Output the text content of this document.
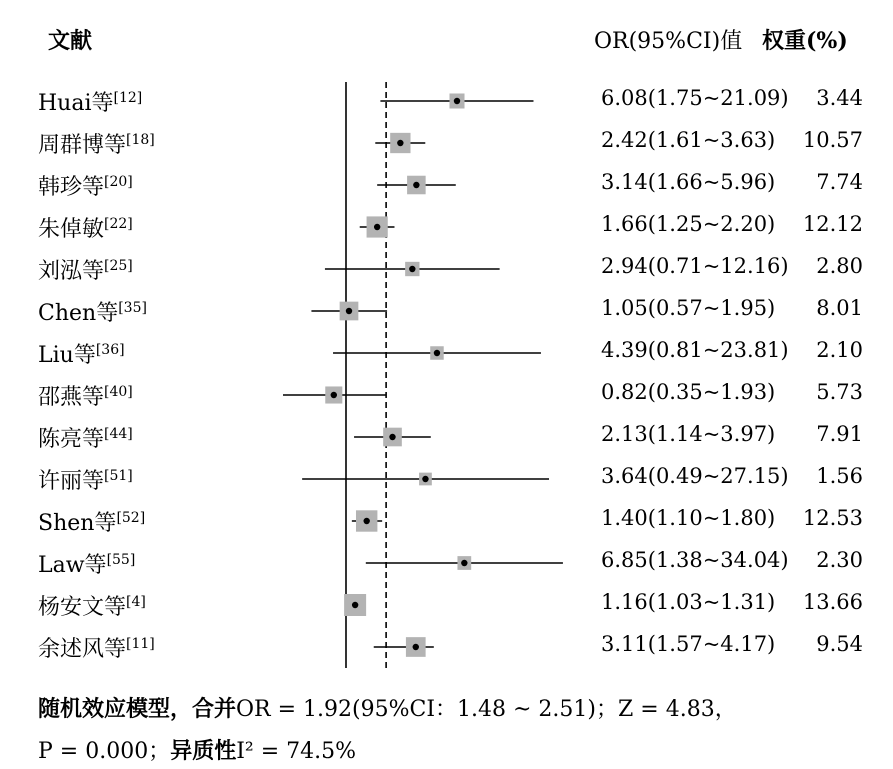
文献	OR(95%CI)值 权重(%)
Huai等[12]	6.08(1.75~21.09) 3.44
周群博等[18]	2.42(1.61~3.63) 10.57
韩珍等[20]	3.14(1.66~5.96) 7.74
朱倬敏[22]	1.66(1.25~2.20) 12.12
刘泓等[25]	2.94(0.71~12.16) 2.80
Chen等[35]	1.05(0.57~1.95) 8.01
Liu等[36]	4.39(0.81~23.81) 2.10
邵燕等[40]	0.82(0.35~1.93) 5.73
陈亮等[44]	2.13(1.14~3.97) 7.91
许丽等[51]	3.64(0.49~27.15) 1.56
Shen等[52]	1.40(1.10~1.80) 12.53
Law等[55]	6.85(1.38~34.04) 2.30
杨安文等[4]	1.16(1.03~1.31) 13.66
余述风等[11]	3.11(1.57~4.17) 9.54
随机效应模型，合并OR = 1.92(95%CI：1.48 ~ 2.51)；Z = 4.83，
P = 0.000；异质性I² = 74.5%
